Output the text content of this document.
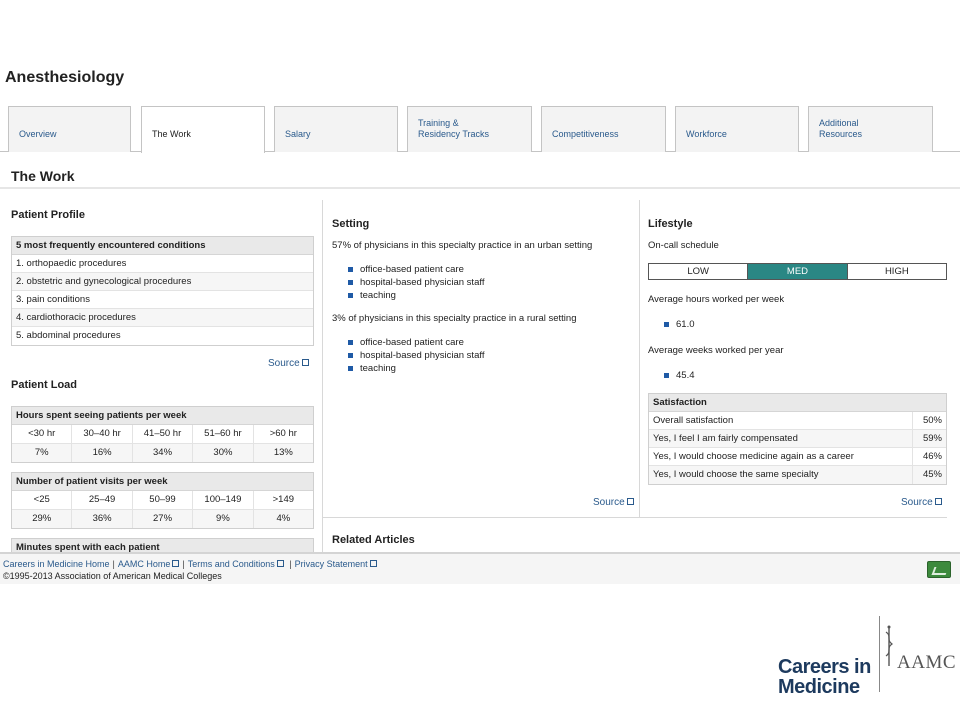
Anesthesiology
Overview	The Work	Salary
Training &
Residency Tracks	Competitiveness	Workforce
Additional
Resources
The Work
Patient Profile
5 most frequently encountered conditions
1. orthopaedic procedures
2. obstetric and gynecological procedures
3. pain conditions
4. cardiothoracic procedures
5. abdominal procedures
Source
Patient Load
Hours spent seeing patients per week
<30 hr	30–40 hr	41–50 hr	51–60 hr	>60 hr
7%	16%	34%	30%	13%
Number of patient visits per week
<25	25–49	50–99	100–149	>149
29%	36%	27%	9%	4%
Minutes spent with each patient
Setting
57% of physicians in this specialty practice in an urban setting
office-based patient care
hospital-based physician staff
teaching
3% of physicians in this specialty practice in a rural setting
office-based patient care
hospital-based physician staff
teaching
Source
Related Articles
Lifestyle
On-call schedule
LOW	MED	HIGH
Average hours worked per week
61.0
Average weeks worked per year
45.4
Satisfaction
Overall satisfaction	50%
Yes, I feel I am fairly compensated	59%
Yes, I would choose medicine again as a career	46%
Yes, I would choose the same specialty	45%
Source
Careers in Medicine Home | AAMC Home | Terms and Conditions | Privacy Statement
©1995-2013 Association of American Medical Colleges
Careers in
Medicine
AAMC
